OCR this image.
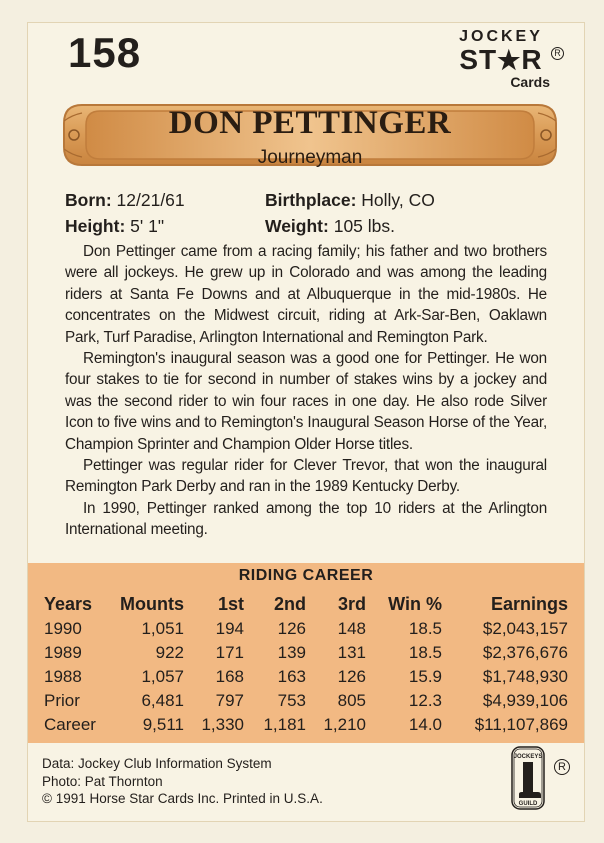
158	JOCKEY
ST★R
Cards
R
DON PETTINGER
Journeyman
Born: 12/21/61
Height: 5' 1"
Birthplace: Holly, CO
Weight: 105 lbs.

Don Pettinger came from a racing family; his father and two brothers were all jockeys. He grew up in Colorado and was among the leading riders at Santa Fe Downs and at Albuquerque in the mid-1980s. He concentrates on the Midwest circuit, riding at Ark-Sar-Ben, Oaklawn Park, Turf Paradise, Arlington International and Remington Park.

Remington's inaugural season was a good one for Pettinger. He won four stakes to tie for second in number of stakes wins by a jockey and was the second rider to win four races in one day. He also rode Silver Icon to five wins and to Remington's Inaugural Season Horse of the Year, Champion Sprinter and Champion Older Horse titles.

Pettinger was regular rider for Clever Trevor, that won the inaugural Remington Park Derby and ran in the 1989 Kentucky Derby.

In 1990, Pettinger ranked among the top 10 riders at the Arlington International meeting.

RIDING CAREER
Years	Mounts	1st	2nd	3rd	Win %	Earnings
1990	1,051	194	126	148	18.5	$2,043,157
1989	922	171	139	131	18.5	$2,376,676
1988	1,057	168	163	126	15.9	$1,748,930
Prior	6,481	797	753	805	12.3	$4,939,106
Career	9,511	1,330	1,181	1,210	14.0	$11,107,869
Data: Jockey Club Information System
Photo: Pat Thornton
© 1991 Horse Star Cards Inc. Printed in U.S.A.
JOCKEYS
GUILD
R
